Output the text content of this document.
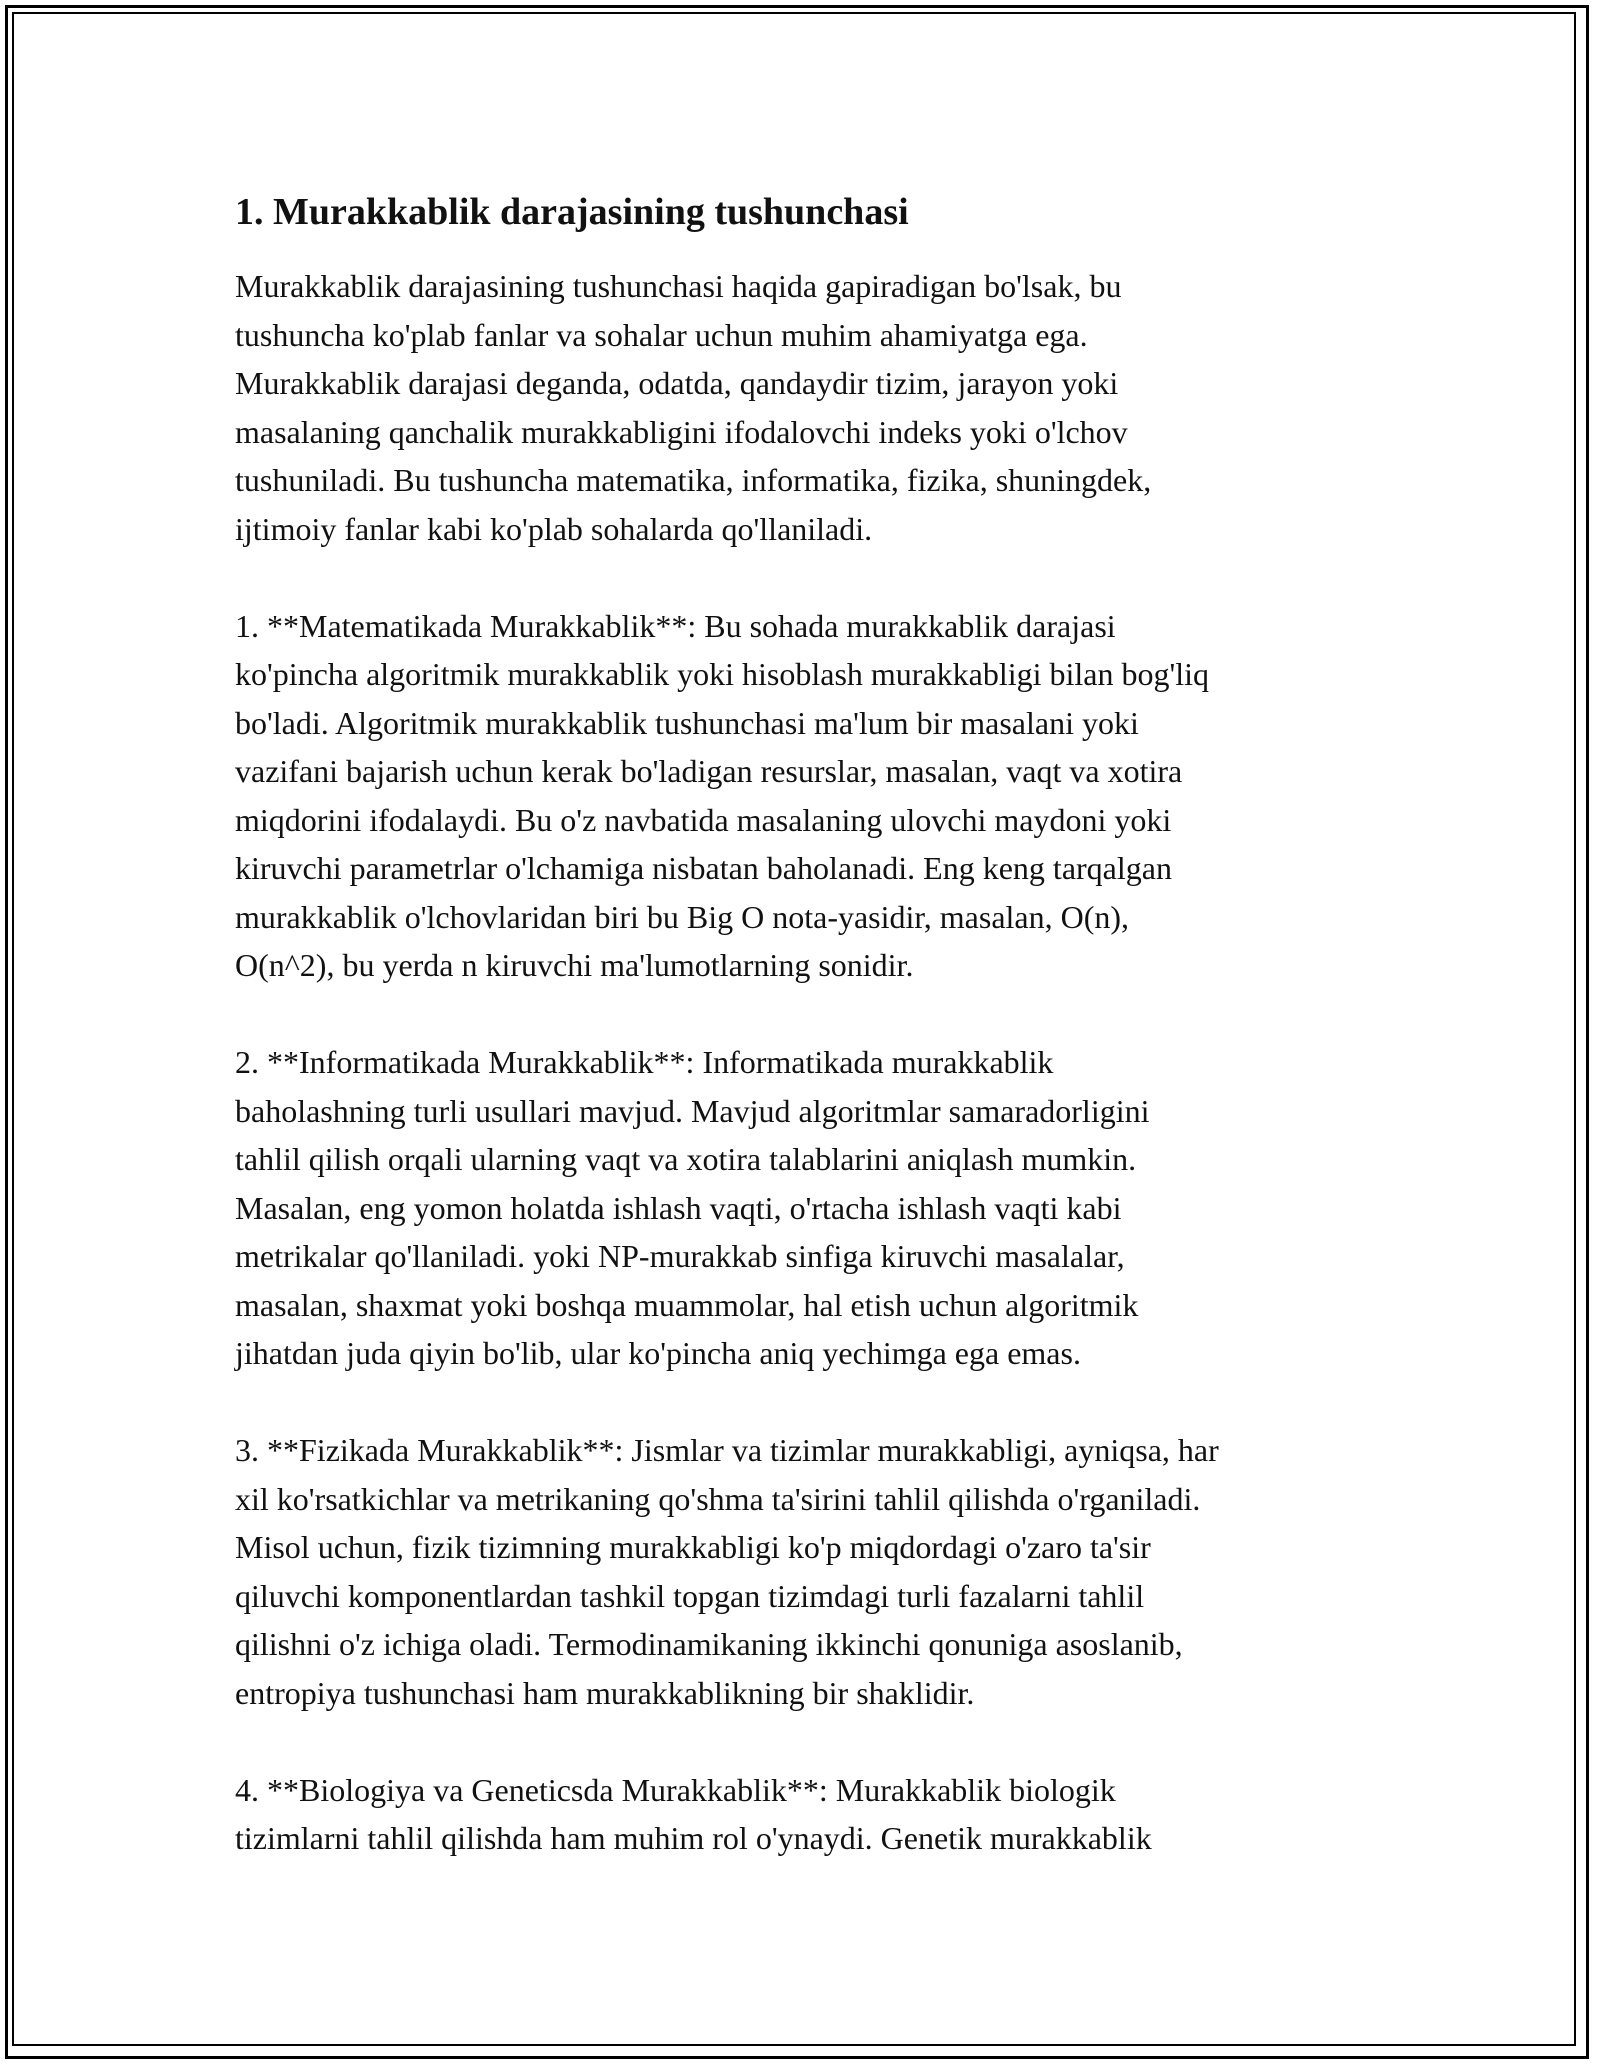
1. Murakkablik darajasining tushunchasi

Murakkablik darajasining tushunchasi haqida gapiradigan bo'lsak, bu
tushuncha ko'plab fanlar va sohalar uchun muhim ahamiyatga ega.
Murakkablik darajasi deganda, odatda, qandaydir tizim, jarayon yoki
masalaning qanchalik murakkabligini ifodalovchi indeks yoki o'lchov
tushuniladi. Bu tushuncha matematika, informatika, fizika, shuningdek,
ijtimoiy fanlar kabi ko'plab sohalarda qo'llaniladi.

1. **Matematikada Murakkablik**: Bu sohada murakkablik darajasi
ko'pincha algoritmik murakkablik yoki hisoblash murakkabligi bilan bog'liq
bo'ladi. Algoritmik murakkablik tushunchasi ma'lum bir masalani yoki
vazifani bajarish uchun kerak bo'ladigan resurslar, masalan, vaqt va xotira
miqdorini ifodalaydi. Bu o'z navbatida masalaning ulovchi maydoni yoki
kiruvchi parametrlar o'lchamiga nisbatan baholanadi. Eng keng tarqalgan
murakkablik o'lchovlaridan biri bu Big O nota-yasidir, masalan, O(n),
O(n^2), bu yerda n kiruvchi ma'lumotlarning sonidir.

2. **Informatikada Murakkablik**: Informatikada murakkablik
baholashning turli usullari mavjud. Mavjud algoritmlar samaradorligini
tahlil qilish orqali ularning vaqt va xotira talablarini aniqlash mumkin.
Masalan, eng yomon holatda ishlash vaqti, o'rtacha ishlash vaqti kabi
metrikalar qo'llaniladi. yoki NP-murakkab sinfiga kiruvchi masalalar,
masalan, shaxmat yoki boshqa muammolar, hal etish uchun algoritmik
jihatdan juda qiyin bo'lib, ular ko'pincha aniq yechimga ega emas.

3. **Fizikada Murakkablik**: Jismlar va tizimlar murakkabligi, ayniqsa, har
xil ko'rsatkichlar va metrikaning qo'shma ta'sirini tahlil qilishda o'rganiladi.
Misol uchun, fizik tizimning murakkabligi ko'p miqdordagi o'zaro ta'sir
qiluvchi komponentlardan tashkil topgan tizimdagi turli fazalarni tahlil
qilishni o'z ichiga oladi. Termodinamikaning ikkinchi qonuniga asoslanib,
entropiya tushunchasi ham murakkablikning bir shaklidir.

4. **Biologiya va Geneticsda Murakkablik**: Murakkablik biologik
tizimlarni tahlil qilishda ham muhim rol o'ynaydi. Genetik murakkablik
